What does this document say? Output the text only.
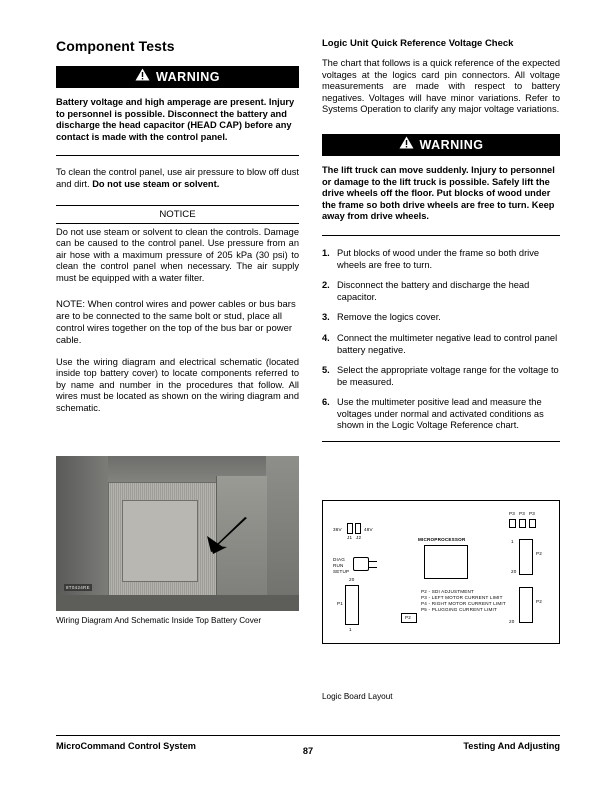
Component Tests
WARNING

Battery voltage and high amperage are present. Injury to personnel is possible. Disconnect the battery and discharge the head capacitor (HEAD CAP) before any contact is made with the control panel.

To clean the control panel, use air pressure to blow off dust and dirt. Do not use steam or solvent.

NOTICE

Do not use steam or solvent to clean the controls. Damage can be caused to the control panel. Use pressure from an air hose with a maximum pressure of 205 kPa (30 psi) to clean the control panel when necessary. The air supply must be equipped with a water filter.

NOTE: When control wires and power cables or bus bars are to be connected to the same bolt or stud, place all control wires together on the top of the bus bar or power cable.

Use the wiring diagram and electrical schematic (located inside top battery cover) to locate components referred to by name and number in the procedures that follow. All wires must be located as shown on the wiring diagram and schematic.

8T0424RE
Wiring Diagram And Schematic Inside Top Battery Cover
Logic Unit Quick Reference Voltage Check

The chart that follows is a quick reference of the expected voltages at the logics card pin connectors. All voltage measurements are made with respect to battery negatives. Voltages will have minor variations. Refer to Systems Operation to clarify any major voltage variations.

WARNING

The lift truck can move suddenly. Injury to personnel or damage to the lift truck is possible. Safely lift the drive wheels off the floor. Put blocks of wood under the frame so both drive wheels are free to turn. Keep away from drive wheels.

1. Put blocks of wood under the frame so both drive wheels are free to turn.
2. Disconnect the battery and discharge the head capacitor.
3. Remove the logics cover.
4. Connect the multimeter negative lead to control panel battery negative.
5. Select the appropriate voltage range for the voltage to be measured.
6. Use the multimeter positive lead and measure the voltages under normal and activated conditions as shown in the Logic Voltage Reference chart.
36V	48V
J1 J2
DIAG
RUN
SETUP
MICROPROCESSOR
P3 P3 P3
1
P2
20
P2
20
20
1
P1
P2
P2 - SDI ADJUSTMENT
P3 - LEFT MOTOR CURRENT LIMIT
P4 - RIGHT MOTOR CURRENT LIMIT
P5 - PLUGGING CURRENT LIMIT
Logic Board Layout
MicroCommand Control System	Testing And Adjusting
87
